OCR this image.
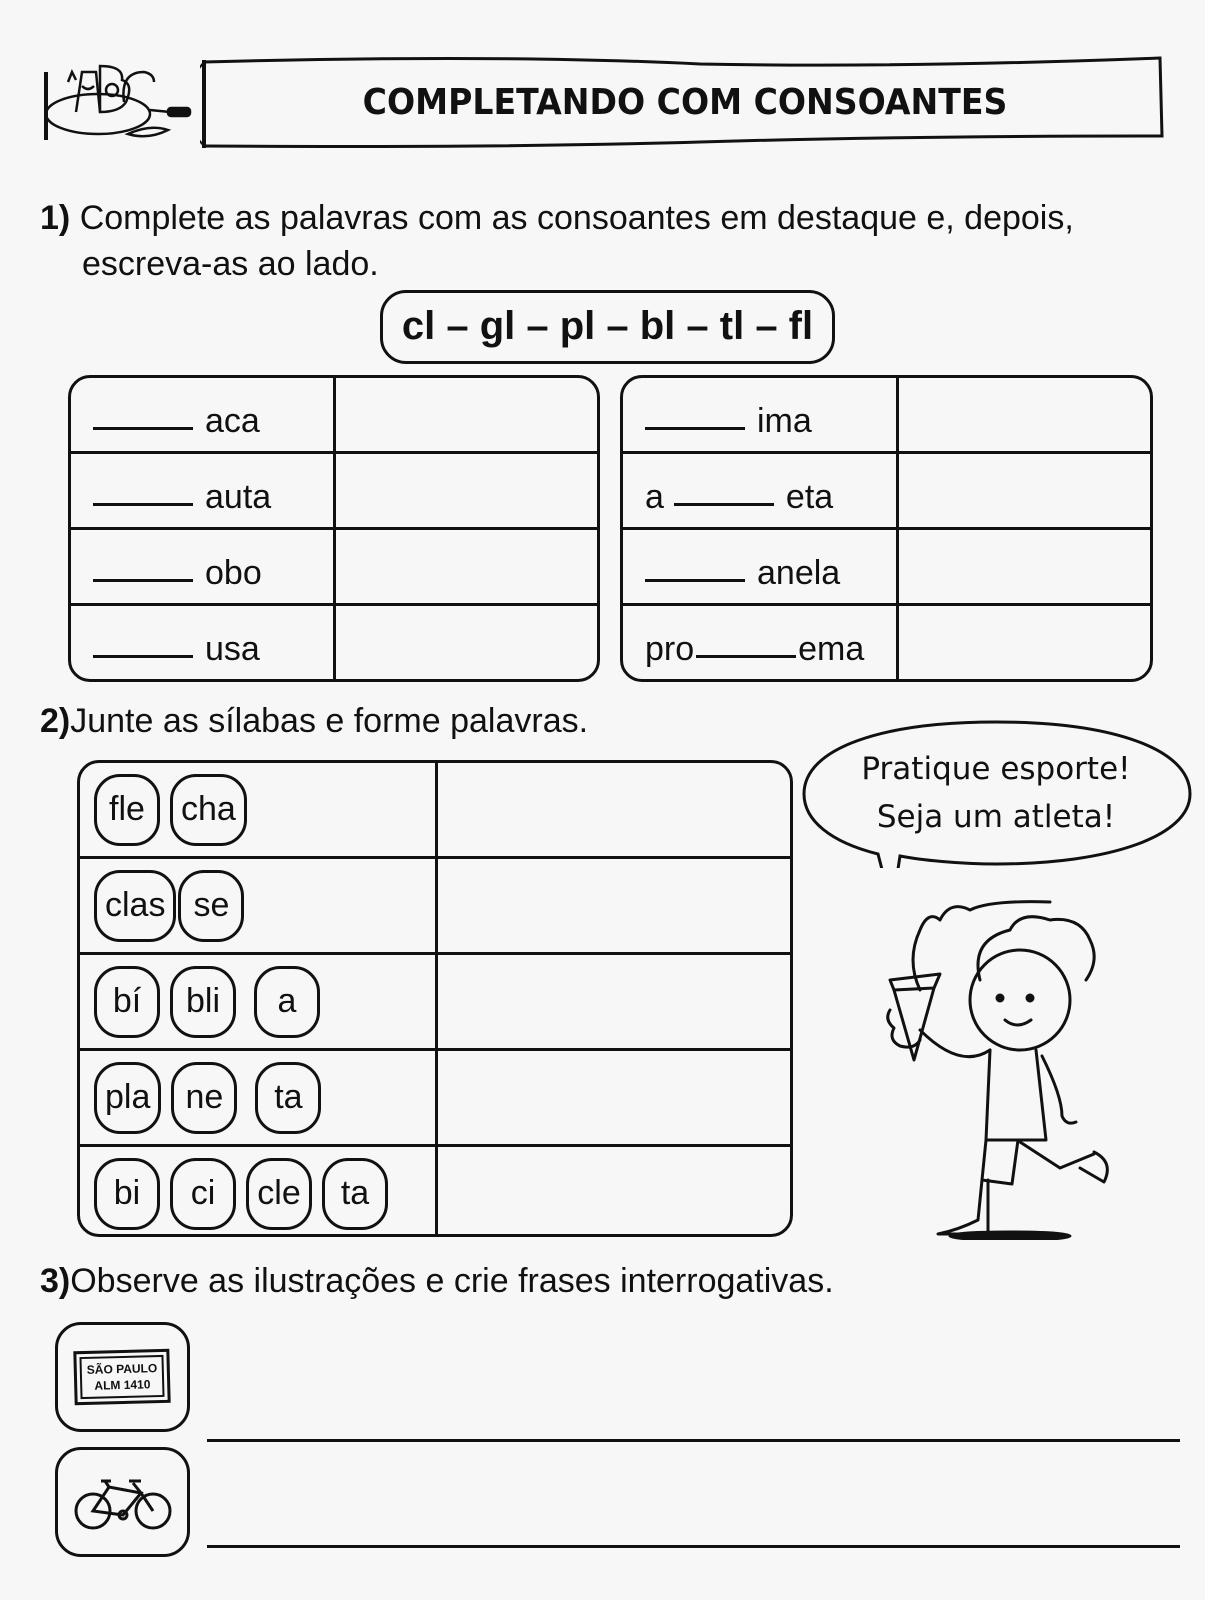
COMPLETANDO COM CONSOANTES
1) Complete as palavras com as consoantes em destaque e, depois,
escreva-as ao lado.
cl – gl – pl – bl – tl – fl
aca
auta
obo
usa
ima
a	eta
anela
pro	ema
2)Junte as sílabas e forme palavras.
fle	cha
clas se
bí	bli	a
pla	ne	ta
bi	ci	cle	ta
Pratique esporte!
Seja um atleta!
3)Observe as ilustrações e crie frases interrogativas.
SÃO PAULO
ALM 1410
